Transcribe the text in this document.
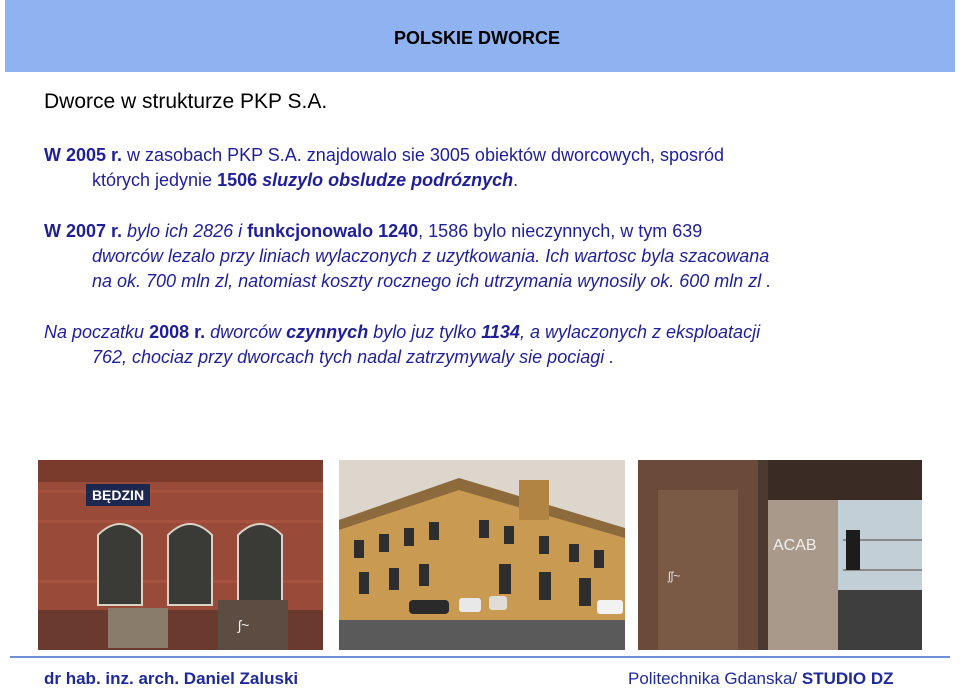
POLSKIE DWORCE
Dworce w strukturze PKP S.A.
W 2005 r. w zasobach PKP S.A. znajdowalo sie 3005 obiektów dworcowych, sposród
których jedynie 1506 sluzylo obsludze podróznych.
W 2007 r. bylo ich 2826 i funkcjonowalo 1240, 1586 bylo nieczynnych, w tym 639
dworców lezalo przy liniach wylaczonych z uzytkowania. Ich wartosc byla szacowana
na ok. 700 mln zl, natomiast koszty rocznego ich utrzymania wynosily ok. 600 mln zl .
Na poczatku 2008 r. dworców czynnych bylo juz tylko 1134, a wylaczonych z eksploatacji
762, chociaz przy dworcach tych nadal zatrzymywaly sie pociagi .
BĘDZIN
ʃ~
ACAB
ʃʃ~
dr hab. inz. arch. Daniel Zaluski	Politechnika Gdanska/ STUDIO DZ
